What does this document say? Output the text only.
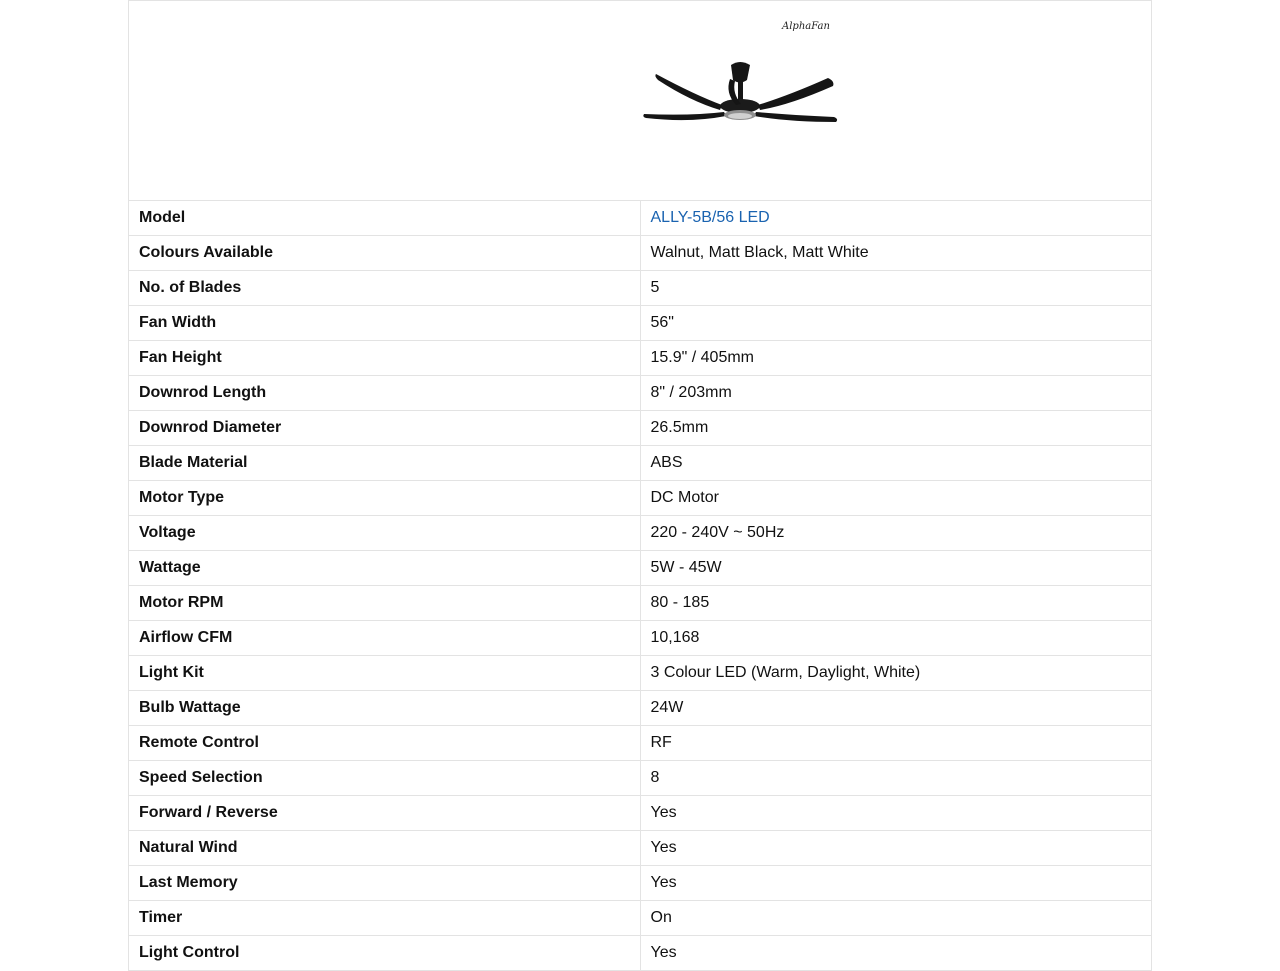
AlphaFan	

Model	ALLY-5B/56 LED
Colours Available	Walnut, Matt Black, Matt White
No. of Blades	5
Fan Width	56"
Fan Height	15.9" / 405mm
Downrod Length	8" / 203mm
Downrod Diameter	26.5mm
Blade Material	ABS
Motor Type	DC Motor
Voltage	220 - 240V ~ 50Hz
Wattage	5W - 45W
Motor RPM	80 - 185
Airflow CFM	10,168
Light Kit	3 Colour LED (Warm, Daylight, White)
Bulb Wattage	24W
Remote Control	RF
Speed Selection	8
Forward / Reverse	Yes
Natural Wind	Yes
Last Memory	Yes
Timer	On
Light Control	Yes
